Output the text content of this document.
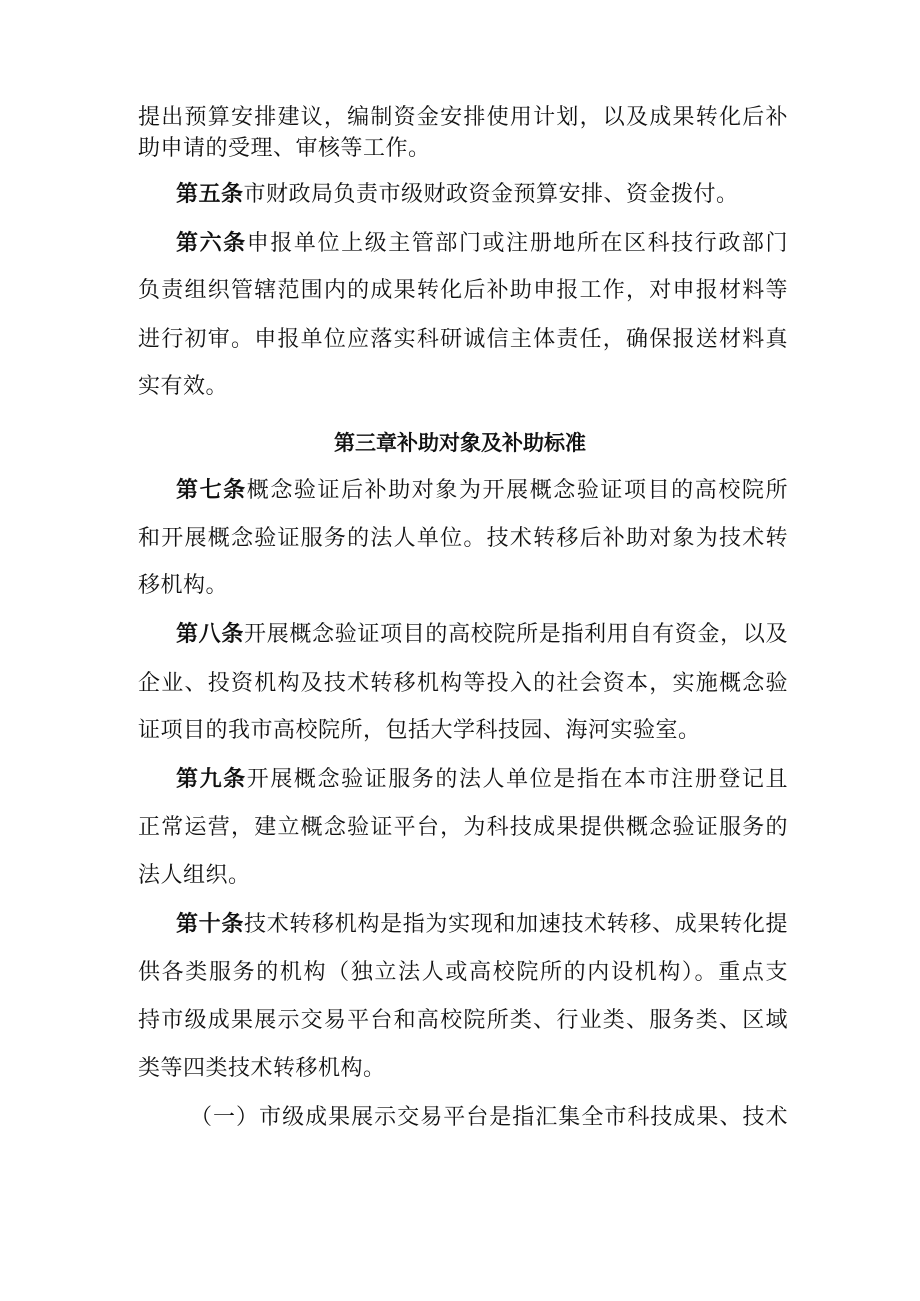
提出预算安排建议，编制资金安排使用计划，以及成果转化后补
助申请的受理、审核等工作。
第五条市财政局负责市级财政资金预算安排、资金拨付。
第六条申报单位上级主管部门或注册地所在区科技行政部门
负责组织管辖范围内的成果转化后补助申报工作，对申报材料等
进行初审。申报单位应落实科研诚信主体责任，确保报送材料真
实有效。
第三章补助对象及补助标准
第七条概念验证后补助对象为开展概念验证项目的高校院所
和开展概念验证服务的法人单位。技术转移后补助对象为技术转
移机构。
第八条开展概念验证项目的高校院所是指利用自有资金，以及
企业、投资机构及技术转移机构等投入的社会资本，实施概念验
证项目的我市高校院所，包括大学科技园、海河实验室。
第九条开展概念验证服务的法人单位是指在本市注册登记且
正常运营，建立概念验证平台，为科技成果提供概念验证服务的
法人组织。
第十条技术转移机构是指为实现和加速技术转移、成果转化提
供各类服务的机构（独立法人或高校院所的内设机构）。重点支
持市级成果展示交易平台和高校院所类、行业类、服务类、区域
类等四类技术转移机构。
（一）市级成果展示交易平台是指汇集全市科技成果、技术
